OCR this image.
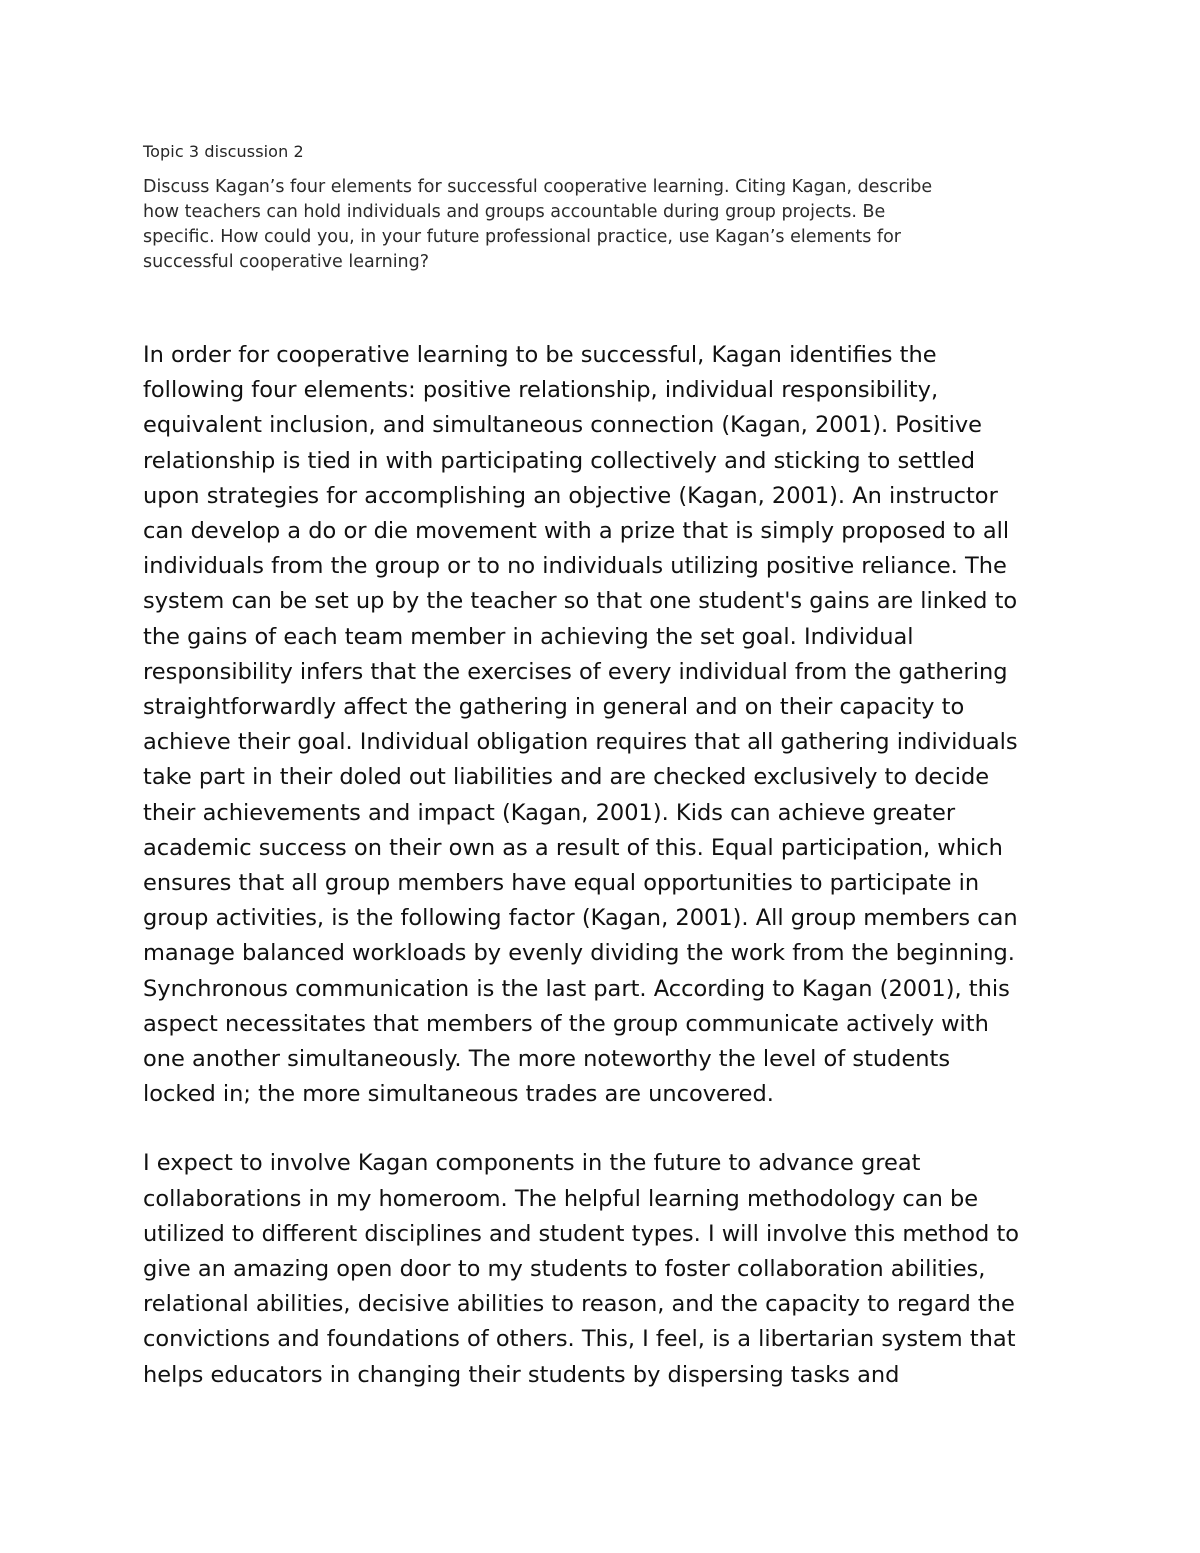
Topic 3 discussion 2
Discuss Kagan’s four elements for successful cooperative learning. Citing Kagan, describe
how teachers can hold individuals and groups accountable during group projects. Be
specific. How could you, in your future professional practice, use Kagan’s elements for
successful cooperative learning?
In order for cooperative learning to be successful, Kagan identifies the
following four elements: positive relationship, individual responsibility,
equivalent inclusion, and simultaneous connection (Kagan, 2001). Positive
relationship is tied in with participating collectively and sticking to settled
upon strategies for accomplishing an objective (Kagan, 2001). An instructor
can develop a do or die movement with a prize that is simply proposed to all
individuals from the group or to no individuals utilizing positive reliance. The
system can be set up by the teacher so that one student's gains are linked to
the gains of each team member in achieving the set goal. Individual
responsibility infers that the exercises of every individual from the gathering
straightforwardly affect the gathering in general and on their capacity to
achieve their goal. Individual obligation requires that all gathering individuals
take part in their doled out liabilities and are checked exclusively to decide
their achievements and impact (Kagan, 2001). Kids can achieve greater
academic success on their own as a result of this. Equal participation, which
ensures that all group members have equal opportunities to participate in
group activities, is the following factor (Kagan, 2001). All group members can
manage balanced workloads by evenly dividing the work from the beginning.
Synchronous communication is the last part. According to Kagan (2001), this
aspect necessitates that members of the group communicate actively with
one another simultaneously. The more noteworthy the level of students
locked in; the more simultaneous trades are uncovered.
I expect to involve Kagan components in the future to advance great
collaborations in my homeroom. The helpful learning methodology can be
utilized to different disciplines and student types. I will involve this method to
give an amazing open door to my students to foster collaboration abilities,
relational abilities, decisive abilities to reason, and the capacity to regard the
convictions and foundations of others. This, I feel, is a libertarian system that
helps educators in changing their students by dispersing tasks and
